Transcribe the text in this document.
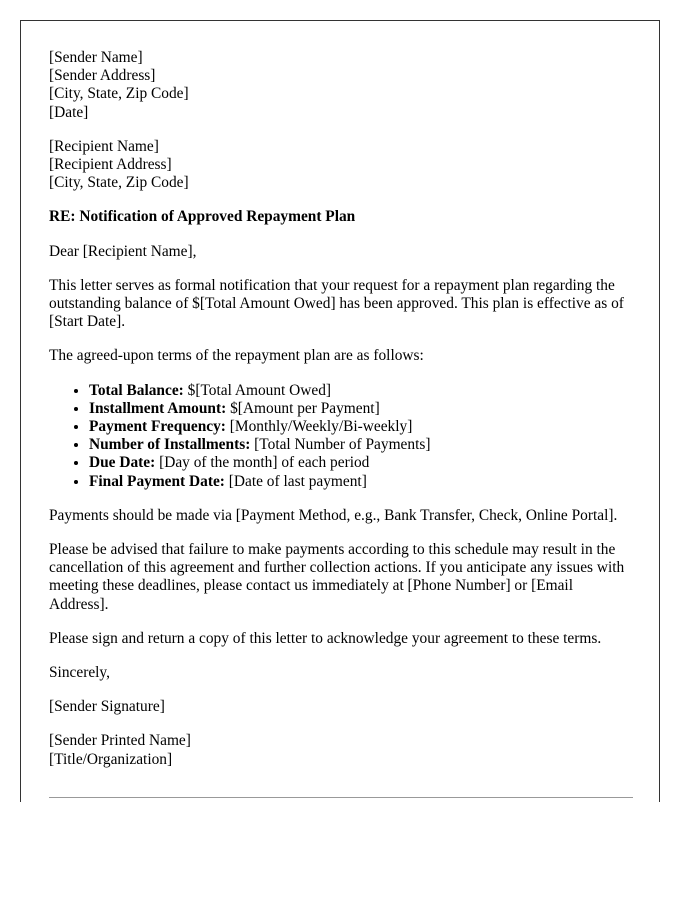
[Sender Name]
[Sender Address]
[City, State, Zip Code]
[Date]

[Recipient Name]
[Recipient Address]
[City, State, Zip Code]

RE: Notification of Approved Repayment Plan

Dear [Recipient Name],

This letter serves as formal notification that your request for a repayment plan regarding the outstanding balance of $[Total Amount Owed] has been approved. This plan is effective as of [Start Date].

The agreed-upon terms of the repayment plan are as follows:

• Total Balance: $[Total Amount Owed]
• Installment Amount: $[Amount per Payment]
• Payment Frequency: [Monthly/Weekly/Bi-weekly]
• Number of Installments: [Total Number of Payments]
• Due Date: [Day of the month] of each period
• Final Payment Date: [Date of last payment]

Payments should be made via [Payment Method, e.g., Bank Transfer, Check, Online Portal].

Please be advised that failure to make payments according to this schedule may result in the cancellation of this agreement and further collection actions. If you anticipate any issues with meeting these deadlines, please contact us immediately at [Phone Number] or [Email Address].

Please sign and return a copy of this letter to acknowledge your agreement to these terms.

Sincerely,

[Sender Signature]

[Sender Printed Name]
[Title/Organization]
